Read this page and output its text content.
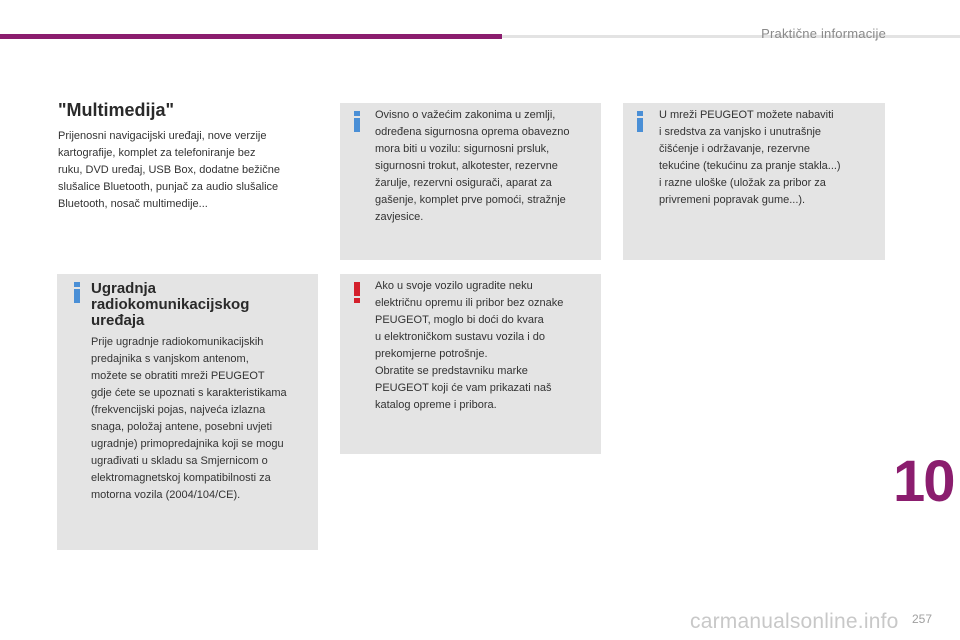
Praktične informacije
"Multimedija"
Prijenosni navigacijski uređaji, nove verzije
kartografije, komplet za telefoniranje bez
ruku, DVD uređaj, USB Box, dodatne bežične
slušalice Bluetooth, punjač za audio slušalice
Bluetooth, nosač multimedije...
Ugradnja
radiokomunikacijskog
uređaja
Prije ugradnje radiokomunikacijskih
predajnika s vanjskom antenom,
možete se obratiti mreži PEUGEOT
gdje ćete se upoznati s karakteristikama
(frekvencijski pojas, najveća izlazna
snaga, položaj antene, posebni uvjeti
ugradnje) primopredajnika koji se mogu
ugrađivati u skladu sa Smjernicom o
elektromagnetskoj kompatibilnosti za
motorna vozila (2004/104/CE).
Ovisno o važećim zakonima u zemlji,
određena sigurnosna oprema obavezno
mora biti u vozilu: sigurnosni prsluk,
sigurnosni trokut, alkotester, rezervne
žarulje, rezervni osigurači, aparat za
gašenje, komplet prve pomoći, stražnje
zavjesice.
U mreži PEUGEOT možete nabaviti
i sredstva za vanjsko i unutrašnje
čišćenje i održavanje, rezervne
tekućine (tekućinu za pranje stakla...)
i razne uloške (uložak za pribor za
privremeni popravak gume...).
Ako u svoje vozilo ugradite neku
električnu opremu ili pribor bez oznake
PEUGEOT, moglo bi doći do kvara
u elektroničkom sustavu vozila i do
prekomjerne potrošnje.
Obratite se predstavniku marke
PEUGEOT koji će vam prikazati naš
katalog opreme i pribora.
10
carmanualsonline.info 257
